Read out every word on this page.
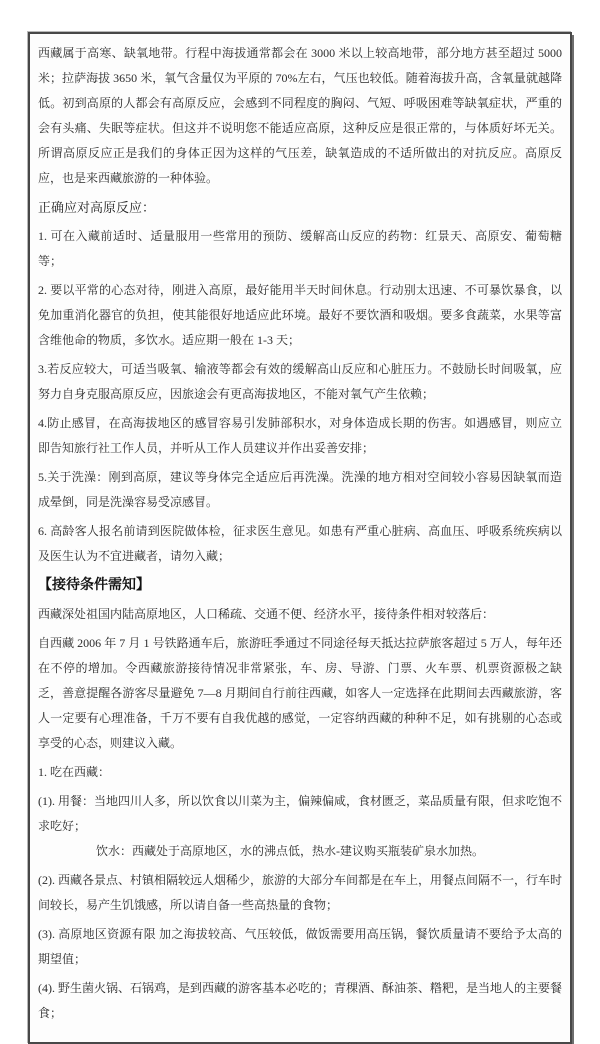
西藏属于高寒、缺氧地带。行程中海拔通常都会在 3000 米以上较高地带，部分地方甚至超过 5000 米；拉萨海拔 3650 米，氧气含量仅为平原的 70%左右，气压也较低。随着海拔升高，含氧量就越降低。初到高原的人都会有高原反应，会感到不同程度的胸闷、气短、呼吸困难等缺氧症状，严重的会有头痛、失眠等症状。但这并不说明您不能适应高原，这种反应是很正常的，与体质好坏无关。所谓高原反应正是我们的身体正因为这样的气压差，缺氧造成的不适所做出的对抗反应。高原反应，也是来西藏旅游的一种体验。

正确应对高原反应：

1. 可在入藏前适时、适量服用一些常用的预防、缓解高山反应的药物：红景天、高原安、葡萄糖等；

2. 要以平常的心态对待，刚进入高原，最好能用半天时间休息。行动别太迅速、不可暴饮暴食，以免加重消化器官的负担，使其能很好地适应此环境。最好不要饮酒和吸烟。要多食蔬菜，水果等富含维他命的物质，多饮水。适应期一般在 1-3 天；

3.若反应较大，可适当吸氧、输液等都会有效的缓解高山反应和心脏压力。不鼓励长时间吸氧，应努力自身克服高原反应，因旅途会有更高海拔地区，不能对氧气产生依赖；

4.防止感冒，在高海拔地区的感冒容易引发肺部积水，对身体造成长期的伤害。如遇感冒，则应立即告知旅行社工作人员，并听从工作人员建议并作出妥善安排；

5.关于洗澡：刚到高原，建议等身体完全适应后再洗澡。洗澡的地方相对空间较小容易因缺氧而造成晕倒，同是洗澡容易受凉感冒。

6. 高龄客人报名前请到医院做体检，征求医生意见。如患有严重心脏病、高血压、呼吸系统疾病以及医生认为不宜进藏者，请勿入藏；

【接待条件需知】

西藏深处祖国内陆高原地区，人口稀疏、交通不便、经济水平，接待条件相对较落后：

自西藏 2006 年 7 月 1 号铁路通车后，旅游旺季通过不同途径每天抵达拉萨旅客超过 5 万人，每年还在不停的增加。令西藏旅游接待情况非常紧张，车、房、导游、门票、火车票、机票资源极之缺乏，善意提醒各游客尽量避免 7—8 月期间自行前往西藏，如客人一定选择在此期间去西藏旅游，客人一定要有心理准备，千万不要有自我优越的感觉，一定容纳西藏的种种不足，如有挑剔的心态或享受的心态，则建议入藏。

1. 吃在西藏：

(1). 用餐：当地四川人多，所以饮食以川菜为主，偏辣偏咸，食材匮乏，菜品质量有限，但求吃饱不求吃好；
饮水：西藏处于高原地区，水的沸点低，热水-建议购买瓶装矿泉水加热。

(2). 西藏各景点、村镇相隔较远人烟稀少，旅游的大部分车间都是在车上，用餐点间隔不一，行车时间较长，易产生饥饿感，所以请自备一些高热量的食物；

(3). 高原地区资源有限 加之海拔较高、气压较低，做饭需要用高压锅，餐饮质量请不要给予太高的期望值；

(4). 野生菌火锅、石锅鸡，是到西藏的游客基本必吃的；青稞酒、酥油茶、糌粑，是当地人的主要餐食；
